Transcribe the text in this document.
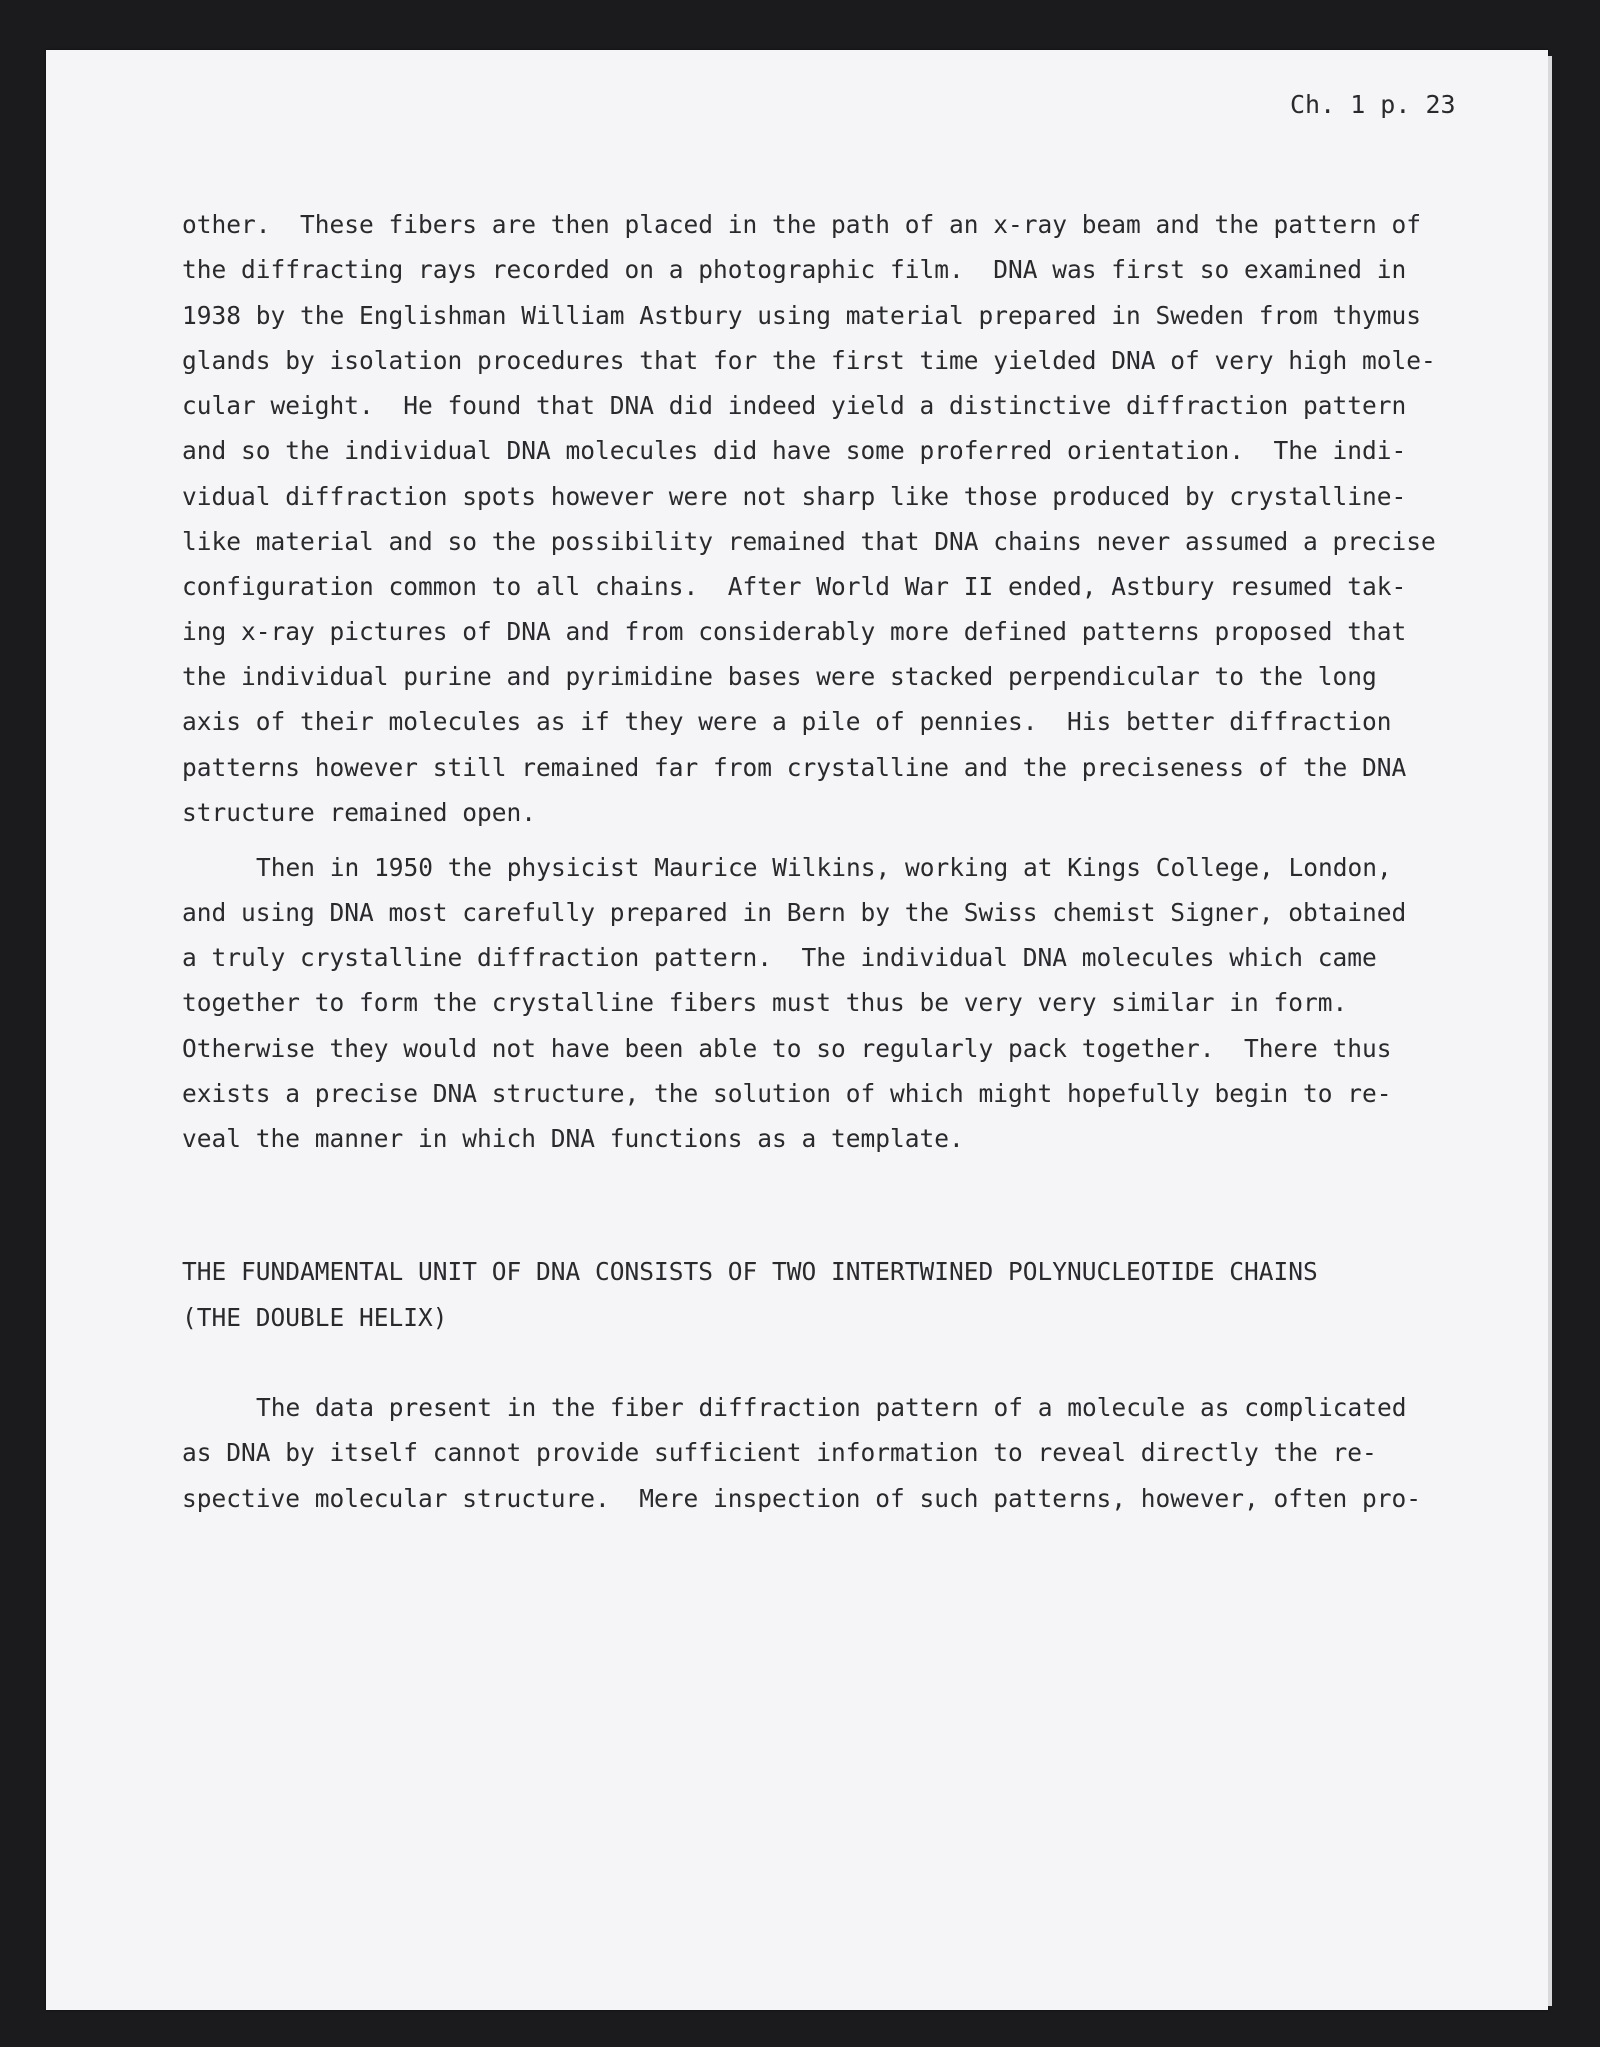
Ch. 1 p. 23
other.  These fibers are then placed in the path of an x-ray beam and the pattern of
the diffracting rays recorded on a photographic film.  DNA was first so examined in
1938 by the Englishman William Astbury using material prepared in Sweden from thymus
glands by isolation procedures that for the first time yielded DNA of very high mole-
cular weight.  He found that DNA did indeed yield a distinctive diffraction pattern
and so the individual DNA molecules did have some proferred orientation.  The indi-
vidual diffraction spots however were not sharp like those produced by crystalline-
like material and so the possibility remained that DNA chains never assumed a precise
configuration common to all chains.  After World War II ended, Astbury resumed tak-
ing x-ray pictures of DNA and from considerably more defined patterns proposed that
the individual purine and pyrimidine bases were stacked perpendicular to the long
axis of their molecules as if they were a pile of pennies.  His better diffraction
patterns however still remained far from crystalline and the preciseness of the DNA
structure remained open.
Then in 1950 the physicist Maurice Wilkins, working at Kings College, London,
and using DNA most carefully prepared in Bern by the Swiss chemist Signer, obtained
a truly crystalline diffraction pattern.  The individual DNA molecules which came
together to form the crystalline fibers must thus be very very similar in form.
Otherwise they would not have been able to so regularly pack together.  There thus
exists a precise DNA structure, the solution of which might hopefully begin to re-
veal the manner in which DNA functions as a template.
THE FUNDAMENTAL UNIT OF DNA CONSISTS OF TWO INTERTWINED POLYNUCLEOTIDE CHAINS
(THE DOUBLE HELIX)
The data present in the fiber diffraction pattern of a molecule as complicated
as DNA by itself cannot provide sufficient information to reveal directly the re-
spective molecular structure.  Mere inspection of such patterns, however, often pro-
